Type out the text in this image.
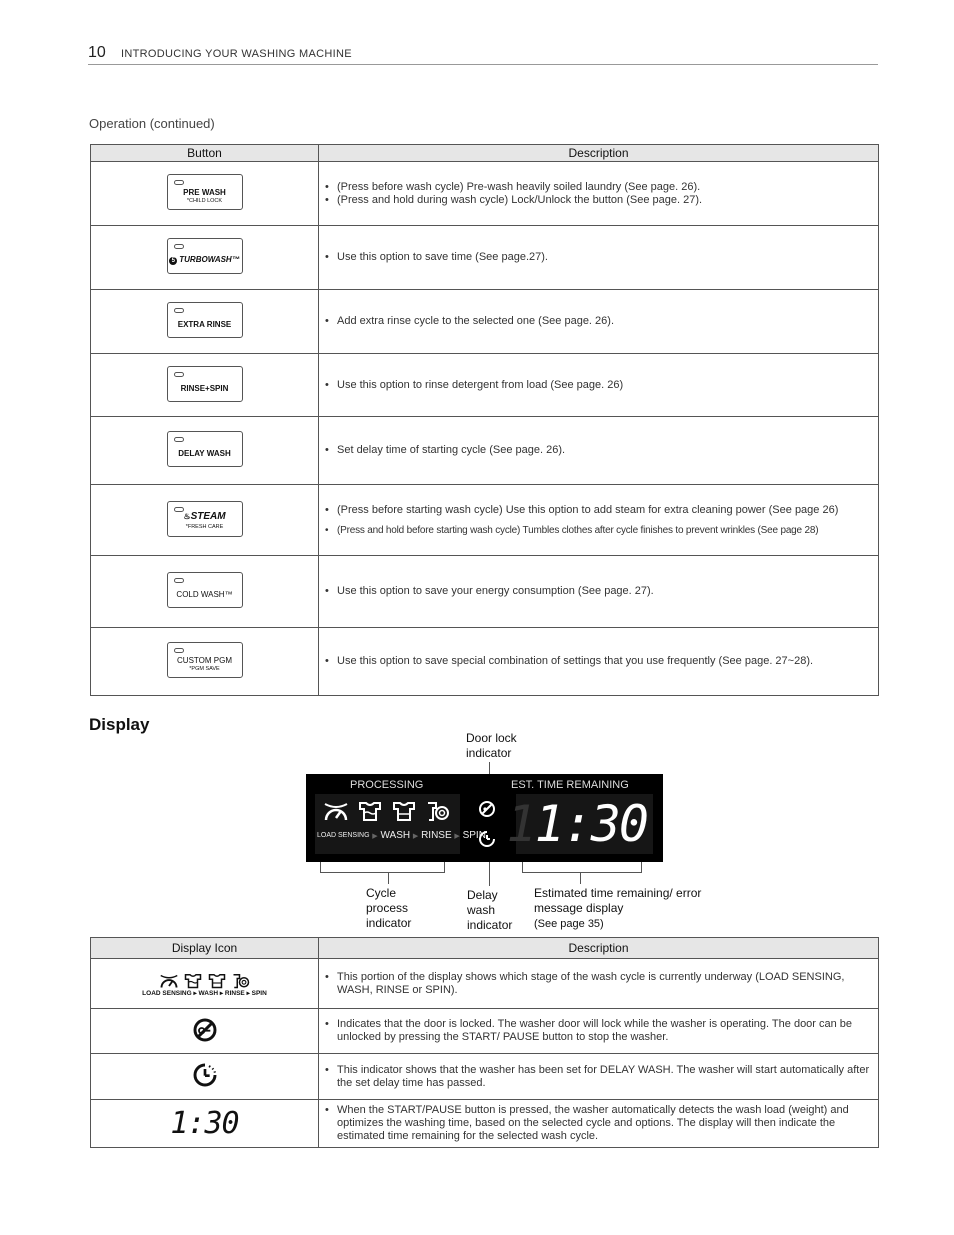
10 INTRODUCING YOUR WASHING MACHINE
Operation (continued)
Button	Description

PRE WASH
*CHILD LOCK

• (Press before wash cycle) Pre-wash heavily soiled laundry (See page. 26).
• (Press and hold during wash cycle) Lock/Unlock the button (See page. 27).

5 TURBOWASH™	• Use this option to save time (See page.27).

EXTRA RINSE	• Add extra rinse cycle to the selected one (See page. 26).

RINSE+SPIN	• Use this option to rinse detergent from load (See page. 26)

DELAY WASH	• Set delay time of starting cycle (See page. 26).

♨STEAM
*FRESH CARE

• (Press before starting wash cycle) Use this option to add steam for extra cleaning power (See page 26)
• (Press and hold before starting wash cycle) Tumbles clothes after cycle finishes to prevent wrinkles (See page 28)

COLD WASH™	• Use this option to save your energy consumption (See page. 27).

CUSTOM PGM
*PGM SAVE	• Use this option to save special combination of settings that you use frequently (See page. 27~28).
Display
Door lock indicator
PROCESSING	EST. TIME REMAINING
LOAD SENSING ▶ WASH ▶ RINSE ▶ SPIN 11:30
Cycle process indicator
Delay wash indicator
Estimated time remaining/ error message display
(See page 35)
Display Icon	Description

LOAD SENSING ▸ WASH ▸ RINSE ▸ SPIN	• This portion of the display shows which stage of the wash cycle is currently underway (LOAD SENSING, WASH, RINSE or SPIN).

• Indicates that the door is locked. The washer door will lock while the washer is operating. The door can be unlocked by pressing the START/ PAUSE button to stop the washer.

• This indicator shows that the washer has been set for DELAY WASH. The washer will start automatically after the set delay time has passed.

1:30	• When the START/PAUSE button is pressed, the washer automatically detects the wash load (weight) and optimizes the washing time, based on the selected cycle and options. The display will then indicate the estimated time remaining for the selected wash cycle.
